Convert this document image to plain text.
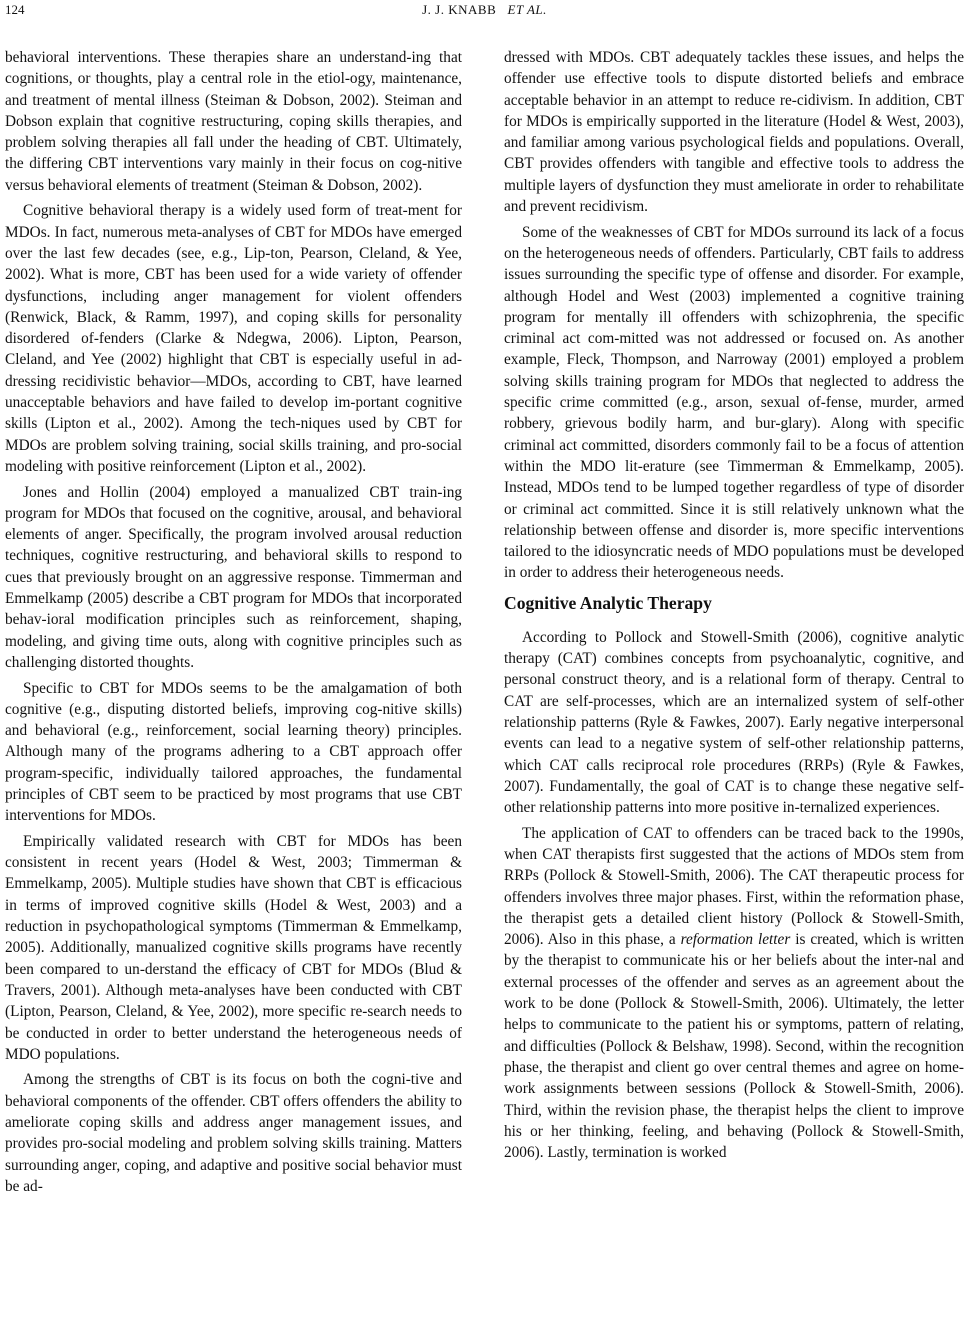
124	J. J. KNABB ET AL.

behavioral interventions. These therapies share an understand-ing that cognitions, or thoughts, play a central role in the etiol-ogy, maintenance, and treatment of mental illness (Steiman & Dobson, 2002). Steiman and Dobson explain that cognitive restructuring, coping skills therapies, and problem solving therapies all fall under the heading of CBT. Ultimately, the differing CBT interventions vary mainly in their focus on cog-nitive versus behavioral elements of treatment (Steiman & Dobson, 2002).

Cognitive behavioral therapy is a widely used form of treat-ment for MDOs. In fact, numerous meta-analyses of CBT for MDOs have emerged over the last few decades (see, e.g., Lip-ton, Pearson, Cleland, & Yee, 2002). What is more, CBT has been used for a wide variety of offender dysfunctions, including anger management for violent offenders (Renwick, Black, & Ramm, 1997), and coping skills for personality disordered of-fenders (Clarke & Ndegwa, 2006). Lipton, Pearson, Cleland, and Yee (2002) highlight that CBT is especially useful in ad-dressing recidivistic behavior—MDOs, according to CBT, have learned unacceptable behaviors and have failed to develop im-portant cognitive skills (Lipton et al., 2002). Among the tech-niques used by CBT for MDOs are problem solving training, social skills training, and pro-social modeling with positive reinforcement (Lipton et al., 2002).

Jones and Hollin (2004) employed a manualized CBT train-ing program for MDOs that focused on the cognitive, arousal, and behavioral elements of anger. Specifically, the program involved arousal reduction techniques, cognitive restructuring, and behavioral skills to respond to cues that previously brought on an aggressive response. Timmerman and Emmelkamp (2005) describe a CBT program for MDOs that incorporated behav-ioral modification principles such as reinforcement, shaping, modeling, and giving time outs, along with cognitive principles such as challenging distorted thoughts.

Specific to CBT for MDOs seems to be the amalgamation of both cognitive (e.g., disputing distorted beliefs, improving cog-nitive skills) and behavioral (e.g., reinforcement, social learning theory) principles. Although many of the programs adhering to a CBT approach offer program-specific, individually tailored approaches, the fundamental principles of CBT seem to be practiced by most programs that use CBT interventions for MDOs.

Empirically validated research with CBT for MDOs has been consistent in recent years (Hodel & West, 2003; Timmerman & Emmelkamp, 2005). Multiple studies have shown that CBT is efficacious in terms of improved cognitive skills (Hodel & West, 2003) and a reduction in psychopathological symptoms (Timmerman & Emmelkamp, 2005). Additionally, manualized cognitive skills programs have recently been compared to un-derstand the efficacy of CBT for MDOs (Blud & Travers, 2001). Although meta-analyses have been conducted with CBT (Lipton, Pearson, Cleland, & Yee, 2002), more specific re-search needs to be conducted in order to better understand the heterogeneous needs of MDO populations.

Among the strengths of CBT is its focus on both the cogni-tive and behavioral components of the offender. CBT offers offenders the ability to ameliorate coping skills and address anger management issues, and provides pro-social modeling and problem solving skills training. Matters surrounding anger, coping, and adaptive and positive social behavior must be ad-

dressed with MDOs. CBT adequately tackles these issues, and helps the offender use effective tools to dispute distorted beliefs and embrace acceptable behavior in an attempt to reduce re-cidivism. In addition, CBT for MDOs is empirically supported in the literature (Hodel & West, 2003), and familiar among various psychological fields and populations. Overall, CBT provides offenders with tangible and effective tools to address the multiple layers of dysfunction they must ameliorate in order to rehabilitate and prevent recidivism.

Some of the weaknesses of CBT for MDOs surround its lack of a focus on the heterogeneous needs of offenders. Particularly, CBT fails to address issues surrounding the specific type of offense and disorder. For example, although Hodel and West (2003) implemented a cognitive training program for mentally ill offenders with schizophrenia, the specific criminal act com-mitted was not addressed or focused on. As another example, Fleck, Thompson, and Narroway (2001) employed a problem solving skills training program for MDOs that neglected to address the specific crime committed (e.g., arson, sexual of-fense, murder, armed robbery, grievous bodily harm, and bur-glary). Along with specific criminal act committed, disorders commonly fail to be a focus of attention within the MDO lit-erature (see Timmerman & Emmelkamp, 2005). Instead, MDOs tend to be lumped together regardless of type of disorder or criminal act committed. Since it is still relatively unknown what the relationship between offense and disorder is, more specific interventions tailored to the idiosyncratic needs of MDO populations must be developed in order to address their heterogeneous needs.

Cognitive Analytic Therapy

According to Pollock and Stowell-Smith (2006), cognitive analytic therapy (CAT) combines concepts from psychoanalytic, cognitive, and personal construct theory, and is a relational form of therapy. Central to CAT are self-processes, which are an internalized system of self-other relationship patterns (Ryle & Fawkes, 2007). Early negative interpersonal events can lead to a negative system of self-other relationship patterns, which CAT calls reciprocal role procedures (RRPs) (Ryle & Fawkes, 2007). Fundamentally, the goal of CAT is to change these negative self-other relationship patterns into more positive in-ternalized experiences.

The application of CAT to offenders can be traced back to the 1990s, when CAT therapists first suggested that the actions of MDOs stem from RRPs (Pollock & Stowell-Smith, 2006). The CAT therapeutic process for offenders involves three major phases. First, within the reformation phase, the therapist gets a detailed client history (Pollock & Stowell-Smith, 2006). Also in this phase, a reformation letter is created, which is written by the therapist to communicate his or her beliefs about the inter-nal and external processes of the offender and serves as an agreement about the work to be done (Pollock & Stowell-Smith, 2006). Ultimately, the letter helps to communicate to the patient his or symptoms, pattern of relating, and difficulties (Pollock & Belshaw, 1998). Second, within the recognition phase, the therapist and client go over central themes and agree on home-work assignments between sessions (Pollock & Stowell-Smith, 2006). Third, within the revision phase, the therapist helps the client to improve his or her thinking, feeling, and behaving (Pollock & Stowell-Smith, 2006). Lastly, termination is worked
